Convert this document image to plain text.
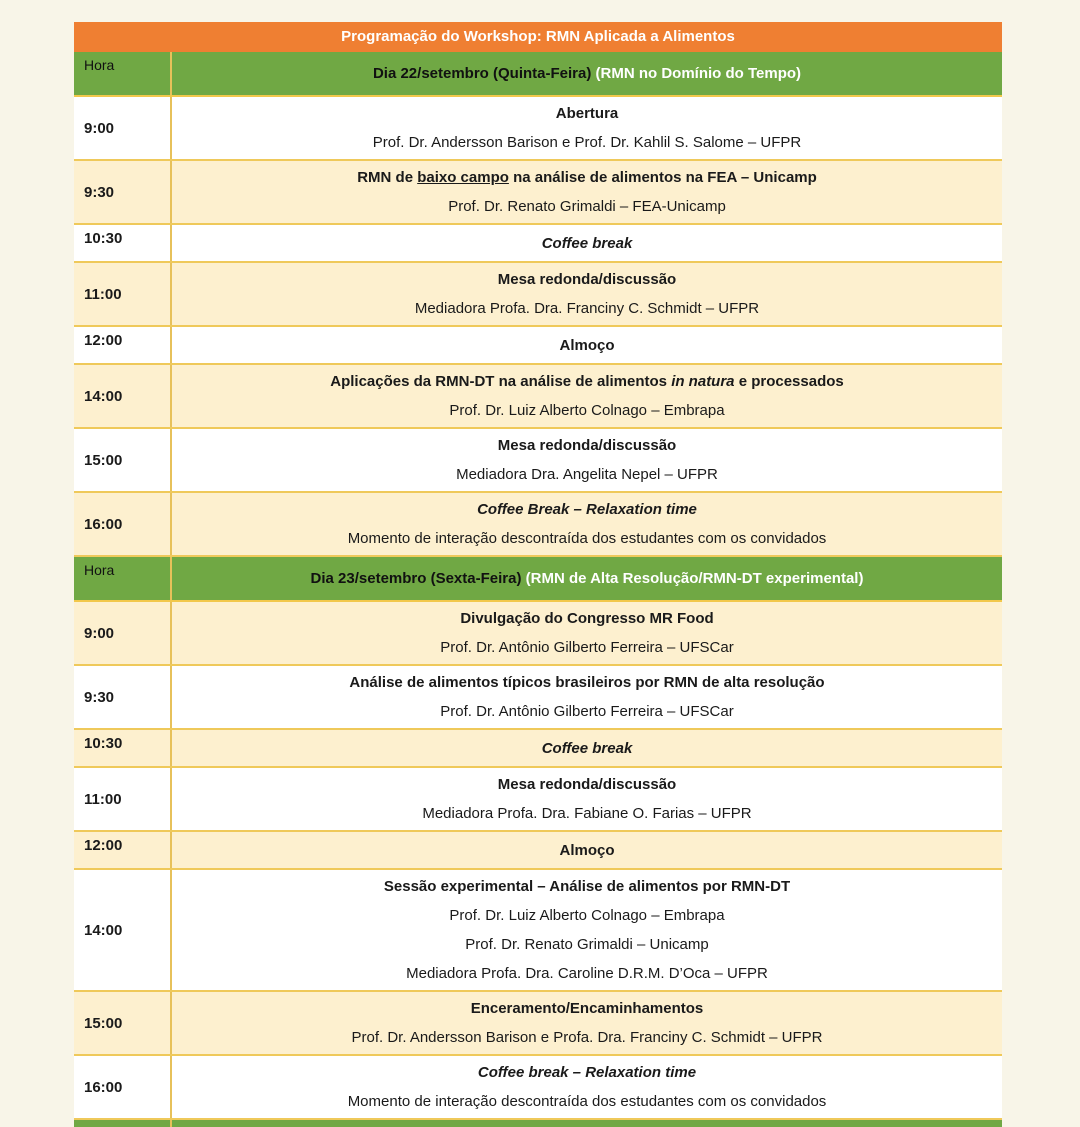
Programação do Workshop: RMN Aplicada a Alimentos	
Hora	Dia 22/setembro (Quinta-Feira) (RMN no Domínio do Tempo)
9:00	Abertura
Prof. Dr. Andersson Barison e Prof. Dr. Kahlil S. Salome – UFPR

9:30	RMN de baixo campo na análise de alimentos na FEA – Unicamp
Prof. Dr. Renato Grimaldi – FEA-Unicamp

10:30	Coffee break

11:00	Mesa redonda/discussão
Mediadora Profa. Dra. Franciny C. Schmidt – UFPR

12:00	Almoço

14:00	Aplicações da RMN-DT na análise de alimentos in natura e processados
Prof. Dr. Luiz Alberto Colnago – Embrapa

15:00	Mesa redonda/discussão
Mediadora Dra. Angelita Nepel – UFPR

16:00	Coffee Break – Relaxation time
Momento de interação descontraída dos estudantes com os convidados

Hora	Dia 23/setembro (Sexta-Feira) (RMN de Alta Resolução/RMN-DT experimental)
9:00	Divulgação do Congresso MR Food
Prof. Dr. Antônio Gilberto Ferreira – UFSCar

9:30	Análise de alimentos típicos brasileiros por RMN de alta resolução
Prof. Dr. Antônio Gilberto Ferreira – UFSCar

10:30	Coffee break

11:00	Mesa redonda/discussão
Mediadora Profa. Dra. Fabiane O. Farias – UFPR

12:00	Almoço

14:00	Sessão experimental – Análise de alimentos por RMN-DT
Prof. Dr. Luiz Alberto Colnago – Embrapa
Prof. Dr. Renato Grimaldi – Unicamp
Mediadora Profa. Dra. Caroline D.R.M. D’Oca – UFPR

15:00	Enceramento/Encaminhamentos
Prof. Dr. Andersson Barison e Profa. Dra. Franciny C. Schmidt – UFPR

16:00	Coffee break – Relaxation time
Momento de interação descontraída dos estudantes com os convidados
